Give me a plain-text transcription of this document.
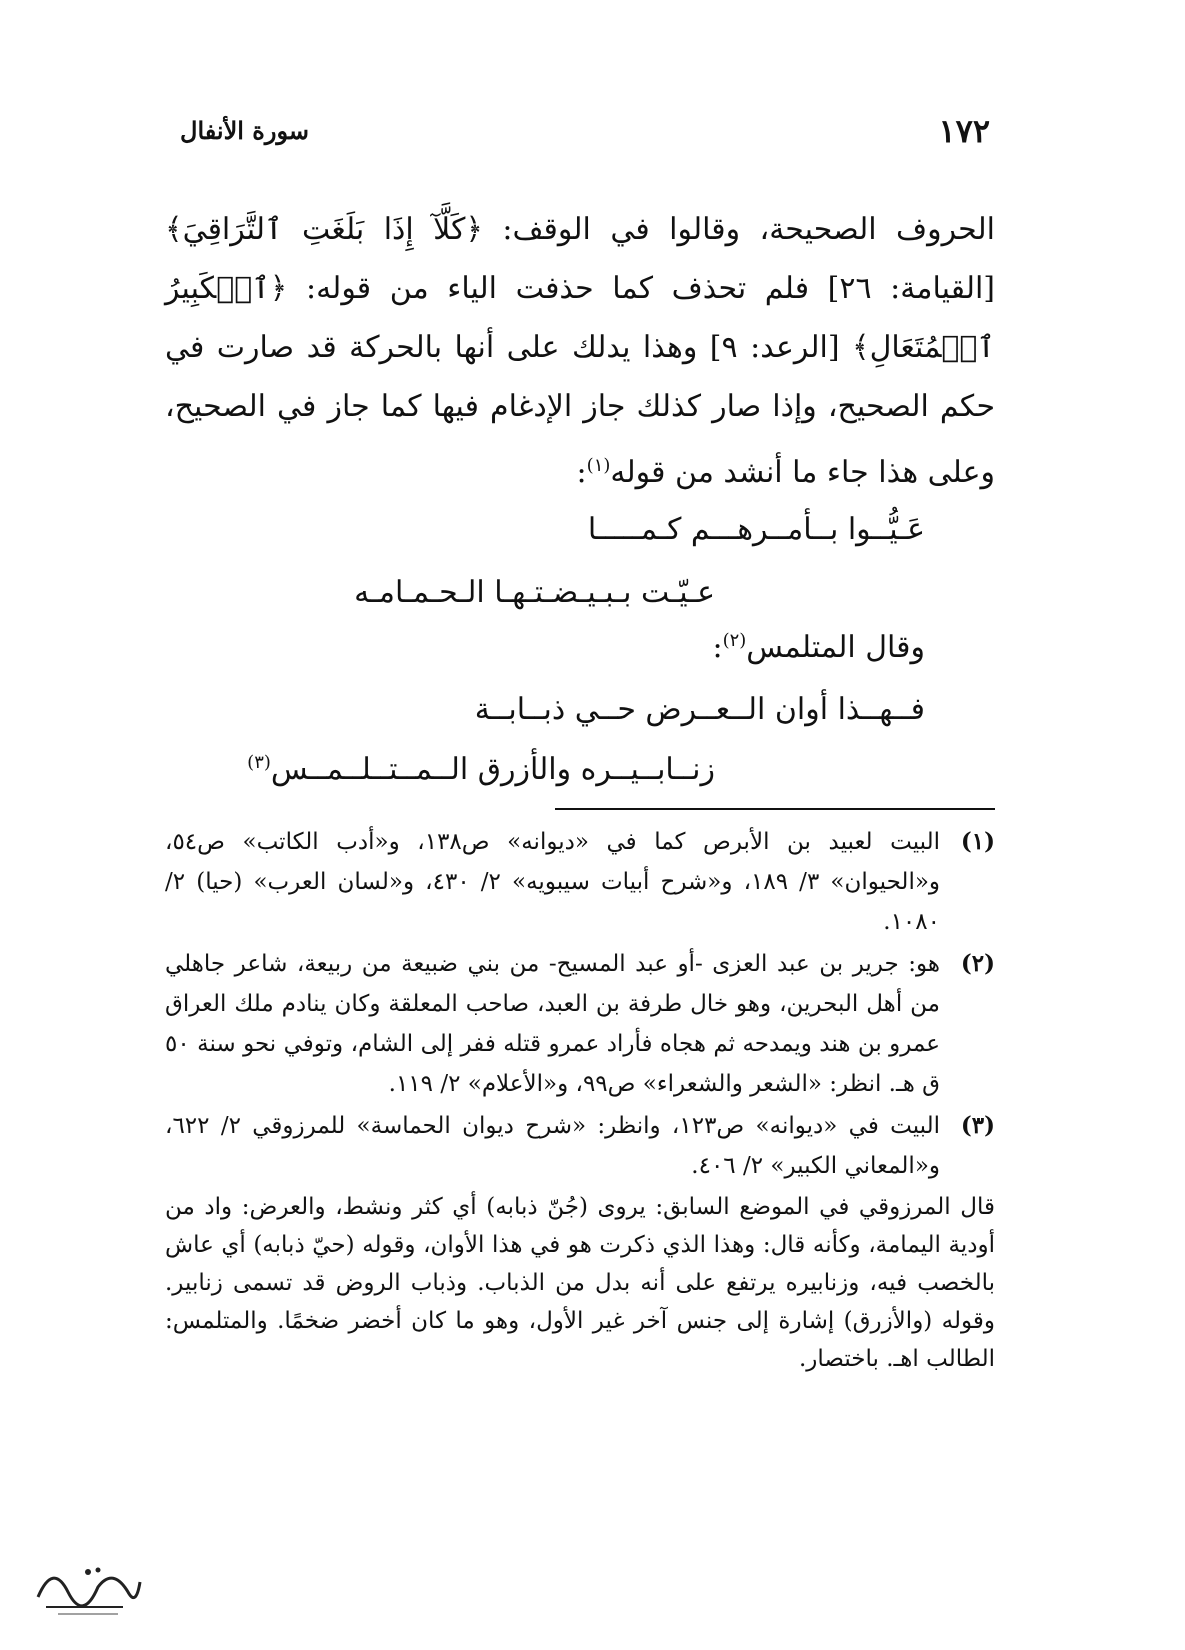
١٧٢
سورة الأنفال

الحروف الصحيحة، وقالوا في الوقف: ﴿كَلَّآ إِذَا بَلَغَتِ ٱلتَّرَاقِيَ﴾ [القيامة: ٢٦] فلم تحذف كما حذفت الياء من قوله: ﴿ٱلۡكَبِيرُ ٱلۡمُتَعَالِ﴾ [الرعد: ٩] وهذا يدلك على أنها بالحركة قد صارت في حكم الصحيح، وإذا صار كذلك جاز الإدغام فيها كما جاز في الصحيح، وعلى هذا جاء ما أنشد من قوله$^{(١)}$:

عَـيُّــوا بــأمــرهـــم كـمـــــا
عـيّـت بـبـيـضـتـهـا الـحـمـامـه
وقال المتلمس$^{(٢)}$:
فــهــذا أوان الــعــرض حــي ذبــابــة
زنــابــيــره والأزرق الــمــتــلــمــس$^{(٣)}$

(١)
البيت لعبيد بن الأبرص كما في «ديوانه» ص١٣٨، و«أدب الكاتب» ص٥٤، و«الحيوان» ٣/ ١٨٩، و«شرح أبيات سيبويه» ٢/ ٤٣٠، و«لسان العرب» (حيا) ٢/ ١٠٨٠.

(٢)
هو: جرير بن عبد العزى -أو عبد المسيح- من بني ضبيعة من ربيعة، شاعر جاهلي من أهل البحرين، وهو خال طرفة بن العبد، صاحب المعلقة وكان ينادم ملك العراق عمرو بن هند ويمدحه ثم هجاه فأراد عمرو قتله ففر إلى الشام، وتوفي نحو سنة ٥٠ ق هـ. انظر: «الشعر والشعراء» ص٩٩، و«الأعلام» ٢/ ١١٩.

(٣)
البيت في «ديوانه» ص١٢٣، وانظر: «شرح ديوان الحماسة» للمرزوقي ٢/ ٦٢٢، و«المعاني الكبير» ٢/ ٤٠٦.

قال المرزوقي في الموضع السابق: يروى (جُنّ ذبابه) أي كثر ونشط، والعرض: واد من أودية اليمامة، وكأنه قال: وهذا الذي ذكرت هو في هذا الأوان، وقوله (حيّ ذبابه) أي عاش بالخصب فيه، وزنابيره يرتفع على أنه بدل من الذباب. وذباب الروض قد تسمى زنابير. وقوله (والأزرق) إشارة إلى جنس آخر غير الأول، وهو ما كان أخضر ضخمًا. والمتلمس: الطالب اهـ. باختصار.
